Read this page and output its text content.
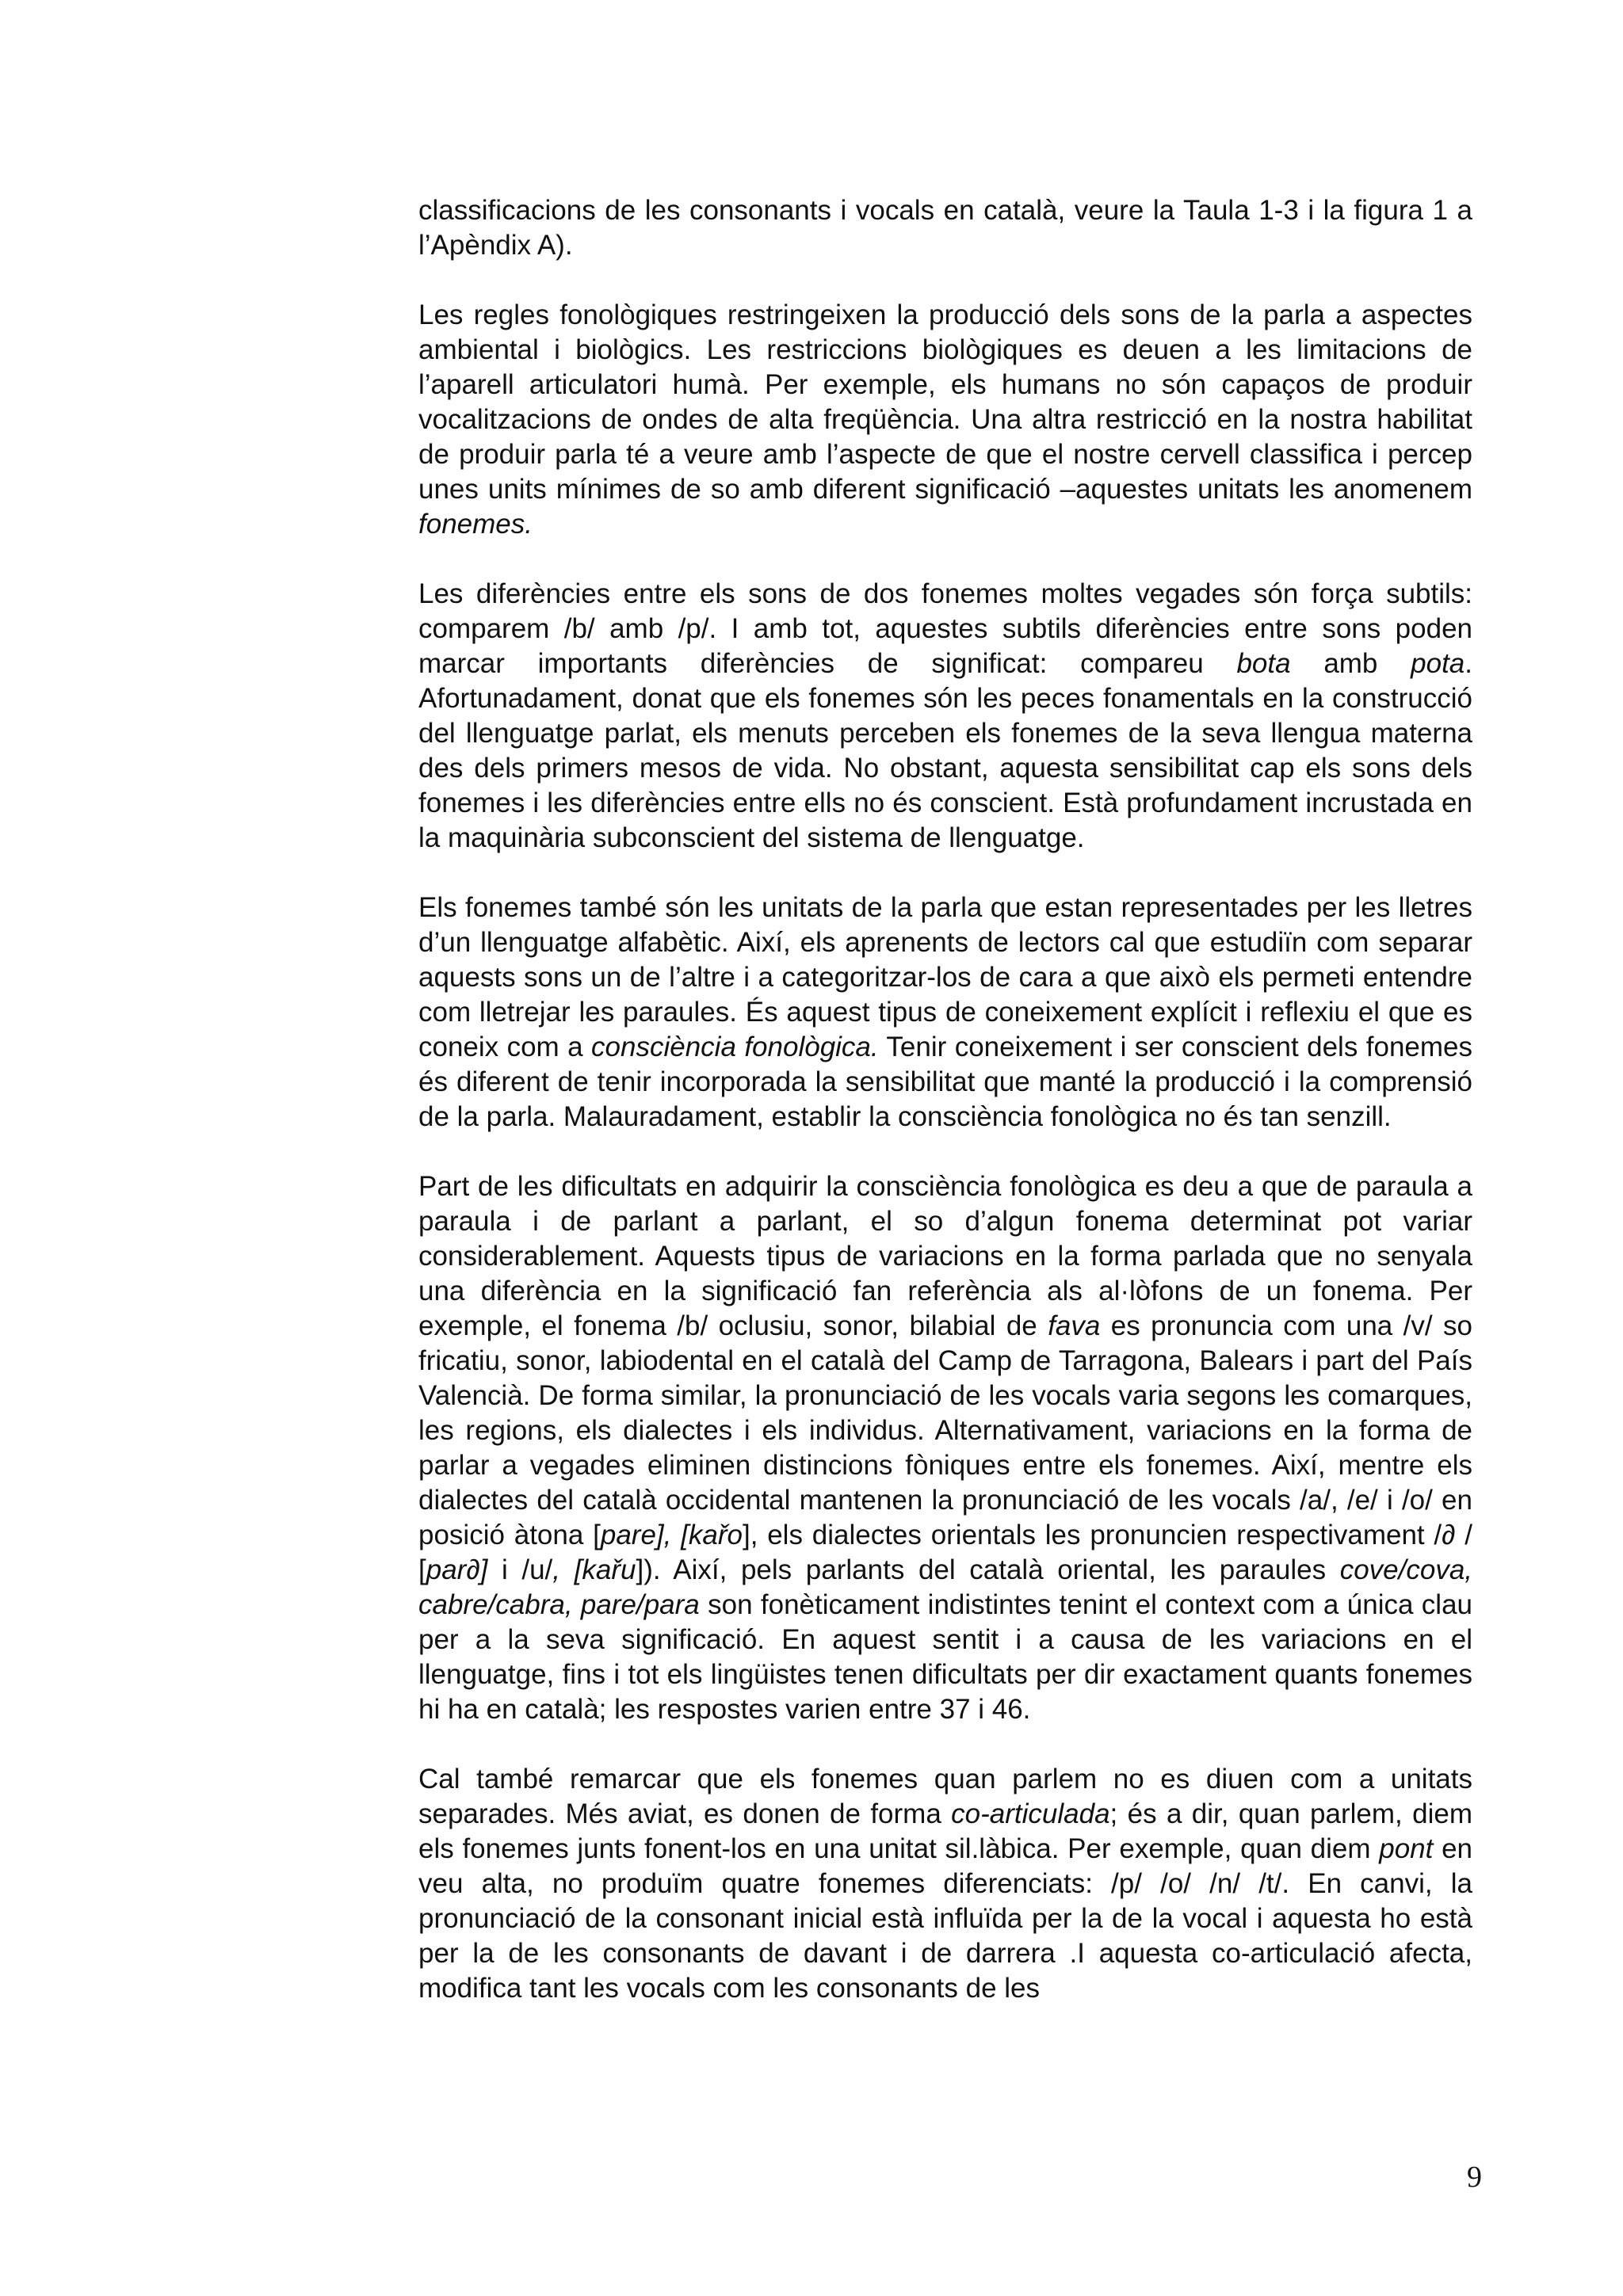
classificacions de les consonants i vocals en català, veure la Taula 1-3 i la figura 1 a l’Apèndix A).

Les regles fonològiques restringeixen la producció dels sons de la parla a aspectes ambiental i biològics. Les restriccions biològiques es deuen a les limitacions de l’aparell articulatori humà. Per exemple, els humans no són capaços de produir vocalitzacions de ondes de alta freqüència. Una altra restricció en la nostra habilitat de produir parla té a veure amb l’aspecte de que el nostre cervell classifica i percep unes units mínimes de so amb diferent significació –aquestes unitats les anomenem fonemes.

Les diferències entre els sons de dos fonemes moltes vegades són força subtils: comparem /b/ amb /p/. I amb tot, aquestes subtils diferències entre sons poden marcar importants diferències de significat: compareu bota amb pota. Afortunadament, donat que els fonemes són les peces fonamentals en la construcció del llenguatge parlat, els menuts perceben els fonemes de la seva llengua materna des dels primers mesos de vida. No obstant, aquesta sensibilitat cap els sons dels fonemes i les diferències entre ells no és conscient. Està profundament incrustada en la maquinària subconscient del sistema de llenguatge.

Els fonemes també són les unitats de la parla que estan representades per les lletres d’un llenguatge alfabètic. Així, els aprenents de lectors cal que estudiïn com separar aquests sons un de l’altre i a categoritzar-los de cara a que això els permeti entendre com lletrejar les paraules. És aquest tipus de coneixement explícit i reflexiu el que es coneix com a consciència fonològica. Tenir coneixement i ser conscient dels fonemes és diferent de tenir incorporada la sensibilitat que manté la producció i la comprensió de la parla. Malauradament, establir la consciència fonològica no és tan senzill.

Part de les dificultats en adquirir la consciència fonològica es deu a que de paraula a paraula i de parlant a parlant, el so d’algun fonema determinat pot variar considerablement. Aquests tipus de variacions en la forma parlada que no senyala una diferència en la significació fan referència als al·lòfons de un fonema. Per exemple, el fonema /b/ oclusiu, sonor, bilabial de fava es pronuncia com una /v/ so fricatiu, sonor, labiodental en el català del Camp de Tarragona, Balears i part del País Valencià. De forma similar, la pronunciació de les vocals varia segons les comarques, les regions, els dialectes i els individus. Alternativament, variacions en la forma de parlar a vegades eliminen distincions fòniques entre els fonemes. Així, mentre els dialectes del català occidental mantenen la pronunciació de les vocals /a/, /e/ i /o/ en posició àtona [pare], [kařo], els dialectes orientals les pronuncien respectivament /∂ / [par∂] i /u/, [kařu]). Així, pels parlants del català oriental, les paraules cove/cova, cabre/cabra, pare/para son fonèticament indistintes tenint el context com a única clau per a la seva significació. En aquest sentit i a causa de les variacions en el llenguatge, fins i tot els lingüistes tenen dificultats per dir exactament quants fonemes hi ha en català; les respostes varien entre 37 i 46.

Cal també remarcar que els fonemes quan parlem no es diuen com a unitats separades. Més aviat, es donen de forma co-articulada; és a dir, quan parlem, diem els fonemes junts fonent-los en una unitat sil.làbica. Per exemple, quan diem pont en veu alta, no produïm quatre fonemes diferenciats: /p/ /o/ /n/ /t/. En canvi, la pronunciació de la consonant inicial està influïda per la de la vocal i aquesta ho està per la de les consonants de davant i de darrera .I aquesta co-articulació afecta, modifica tant les vocals com les consonants de les

9
